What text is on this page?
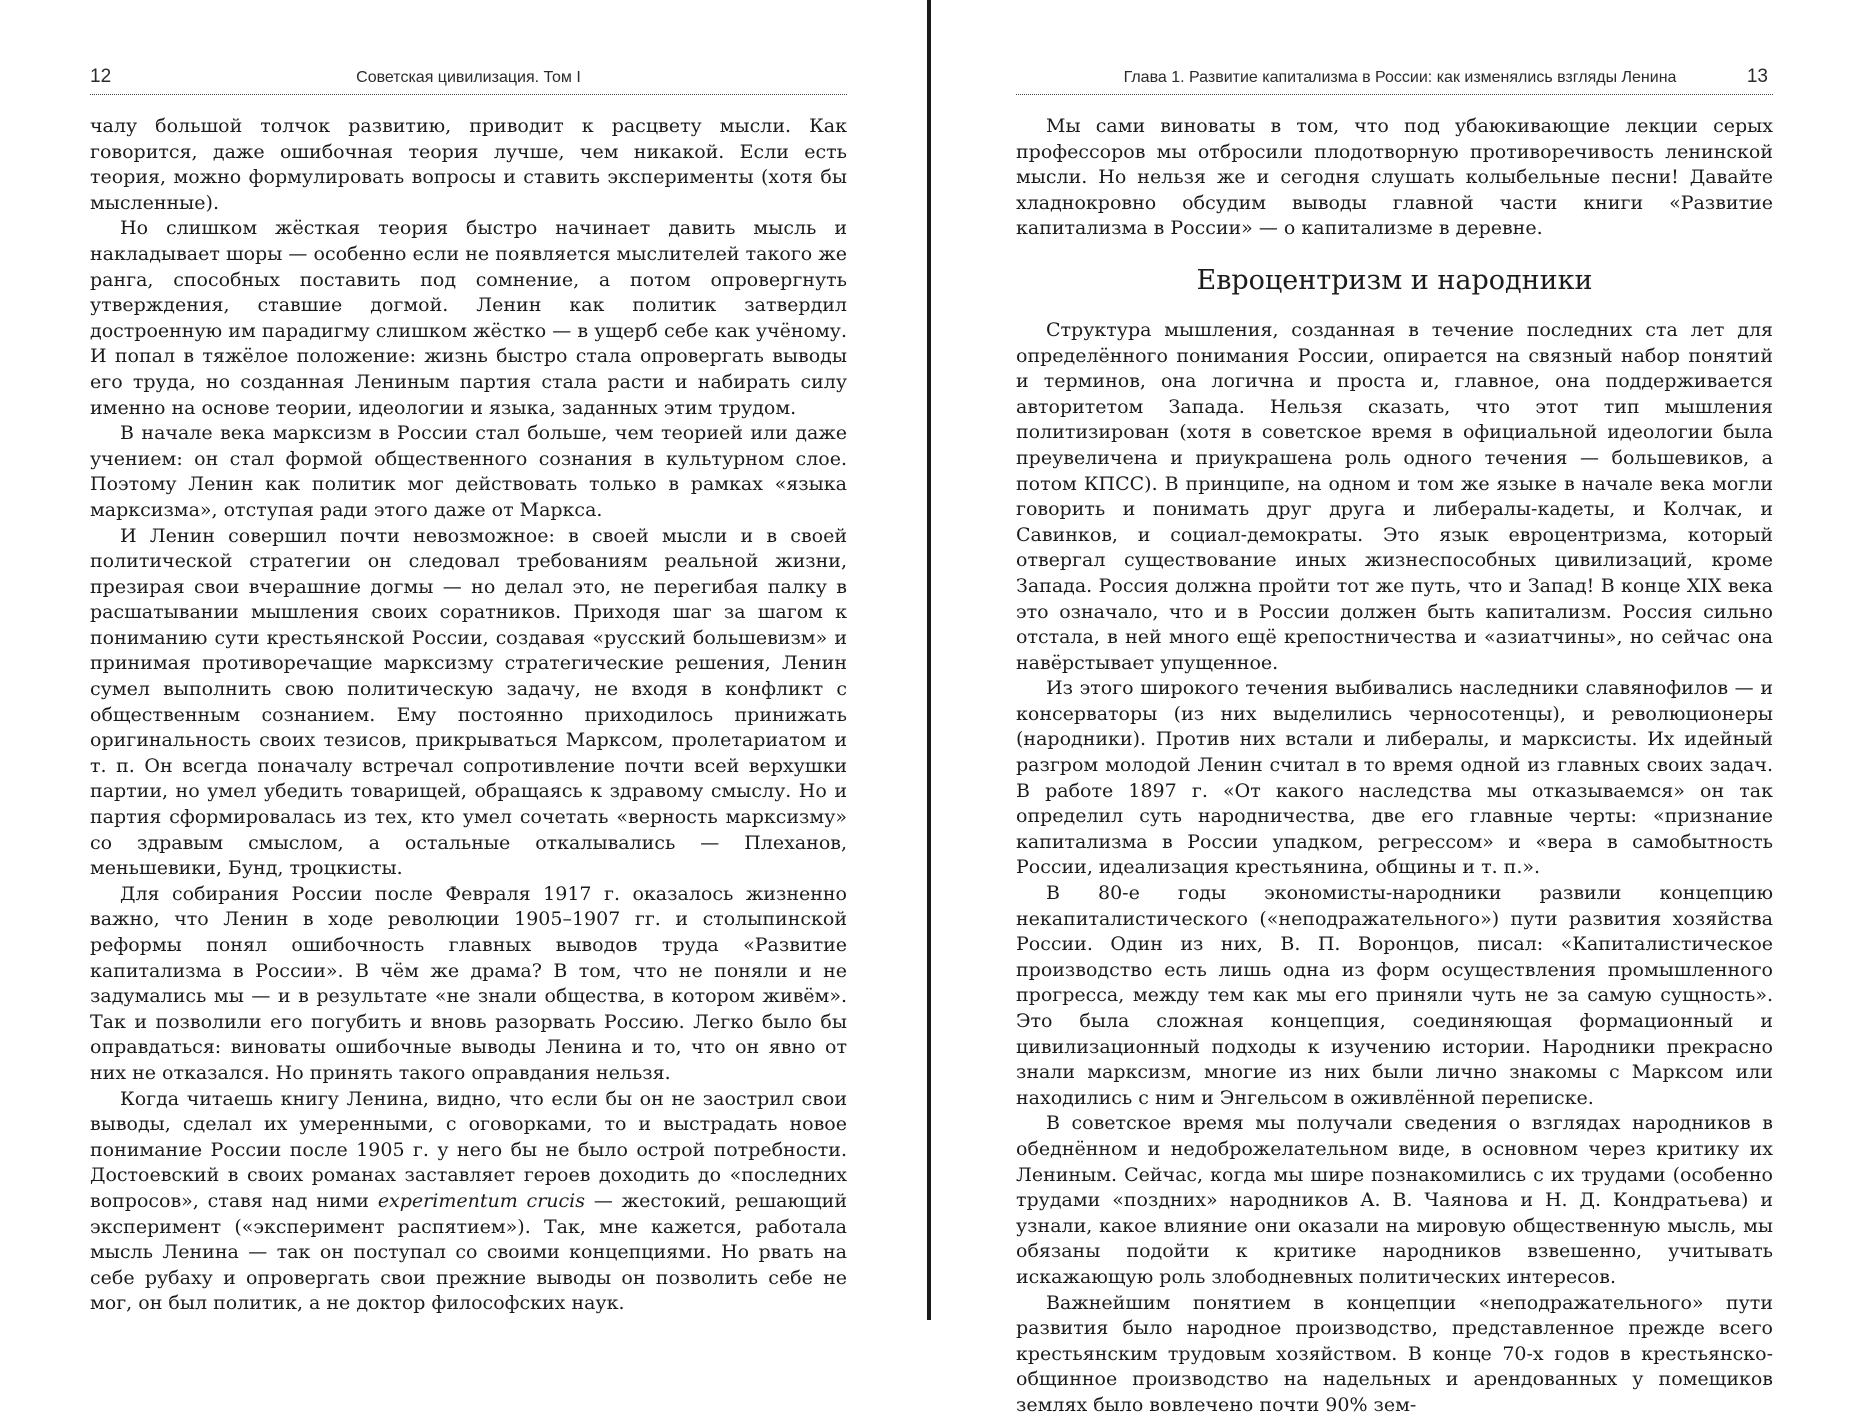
12	Советская цивилизация. Том I

чалу большой толчок развитию, приводит к расцвету мысли. Как говорится, даже ошибочная теория лучше, чем никакой. Если есть теория, можно формулировать вопросы и ставить эксперименты (хотя бы мысленные).

Но слишком жёсткая теория быстро начинает давить мысль и накладывает шоры — особенно если не появляется мыслителей такого же ранга, способных поставить под сомнение, а потом опровергнуть утверждения, ставшие догмой. Ленин как политик затвердил достроенную им парадигму слишком жёстко — в ущерб себе как учёному. И попал в тяжёлое положение: жизнь быстро стала опровергать выводы его труда, но созданная Лениным партия стала расти и набирать силу именно на основе теории, идеологии и языка, заданных этим трудом.

В начале века марксизм в России стал больше, чем теорией или даже учением: он стал формой общественного сознания в культурном слое. Поэтому Ленин как политик мог действовать только в рамках «языка марксизма», отступая ради этого даже от Маркса.

И Ленин совершил почти невозможное: в своей мысли и в своей политической стратегии он следовал требованиям реальной жизни, презирая свои вчерашние догмы — но делал это, не перегибая палку в расшатывании мышления своих соратников. Приходя шаг за шагом к пониманию сути крестьянской России, создавая «русский большевизм» и принимая противоречащие марксизму стратегические решения, Ленин сумел выполнить свою политическую задачу, не входя в конфликт с общественным сознанием. Ему постоянно приходилось принижать оригинальность своих тезисов, прикрываться Марксом, пролетариатом и т. п. Он всегда поначалу встречал сопротивление почти всей верхушки партии, но умел убедить товарищей, обращаясь к здравому смыслу. Но и партия сформировалась из тех, кто умел сочетать «верность марксизму» со здравым смыслом, а остальные откалывались — Плеханов, меньшевики, Бунд, троцкисты.

Для собирания России после Февраля 1917 г. оказалось жизненно важно, что Ленин в ходе революции 1905–1907 гг. и столыпинской реформы понял ошибочность главных выводов труда «Развитие капитализма в России». В чём же драма? В том, что не поняли и не задумались мы — и в результате «не знали общества, в котором живём». Так и позволили его погубить и вновь разорвать Россию. Легко было бы оправдаться: виноваты ошибочные выводы Ленина и то, что он явно от них не отказался. Но принять такого оправдания нельзя.

Когда читаешь книгу Ленина, видно, что если бы он не заострил свои выводы, сделал их умеренными, с оговорками, то и выстрадать новое понимание России после 1905 г. у него бы не было острой потребности. Достоевский в своих романах заставляет героев доходить до «последних вопросов», ставя над ними experimentum crucis — жестокий, решающий эксперимент («эксперимент распятием»). Так, мне кажется, работала мысль Ленина — так он поступал со своими концепциями. Но рвать на себе рубаху и опровергать свои прежние выводы он позволить себе не мог, он был политик, а не доктор философских наук.

Глава 1. Развитие капитализма в России: как изменялись взгляды Ленина	13

Мы сами виноваты в том, что под убаюкивающие лекции серых профессоров мы отбросили плодотворную противоречивость ленинской мысли. Но нельзя же и сегодня слушать колыбельные песни! Давайте хладнокровно обсудим выводы главной части книги «Развитие капитализма в России» — о капитализме в деревне.

Евроцентризм и народники

Структура мышления, созданная в течение последних ста лет для определённого понимания России, опирается на связный набор понятий и терминов, она логична и проста и, главное, она поддерживается авторитетом Запада. Нельзя сказать, что этот тип мышления политизирован (хотя в советское время в официальной идеологии была преувеличена и приукрашена роль одного течения — большевиков, а потом КПСС). В принципе, на одном и том же языке в начале века могли говорить и понимать друг друга и либералы-кадеты, и Колчак, и Савинков, и социал-демократы. Это язык евроцентризма, который отвергал существование иных жизнеспособных цивилизаций, кроме Запада. Россия должна пройти тот же путь, что и Запад! В конце XIX века это означало, что и в России должен быть капитализм. Россия сильно отстала, в ней много ещё крепостничества и «азиатчины», но сейчас она навёрстывает упущенное.

Из этого широкого течения выбивались наследники славянофилов — и консерваторы (из них выделились черносотенцы), и революционеры (народники). Против них встали и либералы, и марксисты. Их идейный разгром молодой Ленин считал в то время одной из главных своих задач. В работе 1897 г. «От какого наследства мы отказываемся» он так определил суть народничества, две его главные черты: «признание капитализма в России упадком, регрессом» и «вера в самобытность России, идеализация крестьянина, общины и т. п.».

В 80-е годы экономисты-народники развили концепцию некапиталистического («неподражательного») пути развития хозяйства России. Один из них, В. П. Воронцов, писал: «Капиталистическое производство есть лишь одна из форм осуществления промышленного прогресса, между тем как мы его приняли чуть не за самую сущность». Это была сложная концепция, соединяющая формационный и цивилизационный подходы к изучению истории. Народники прекрасно знали марксизм, многие из них были лично знакомы с Марксом или находились с ним и Энгельсом в оживлённой переписке.

В советское время мы получали сведения о взглядах народников в обеднённом и недоброжелательном виде, в основном через критику их Лениным. Сейчас, когда мы шире познакомились с их трудами (особенно трудами «поздних» народников А. В. Чаянова и Н. Д. Кондратьева) и узнали, какое влияние они оказали на мировую общественную мысль, мы обязаны подойти к критике народников взвешенно, учитывать искажающую роль злободневных политических интересов.

Важнейшим понятием в концепции «неподражательного» пути развития было народное производство, представленное прежде всего крестьянским трудовым хозяйством. В конце 70-х годов в крестьянско-общинное производство на надельных и арендованных у помещиков землях было вовлечено почти 90% зем-
